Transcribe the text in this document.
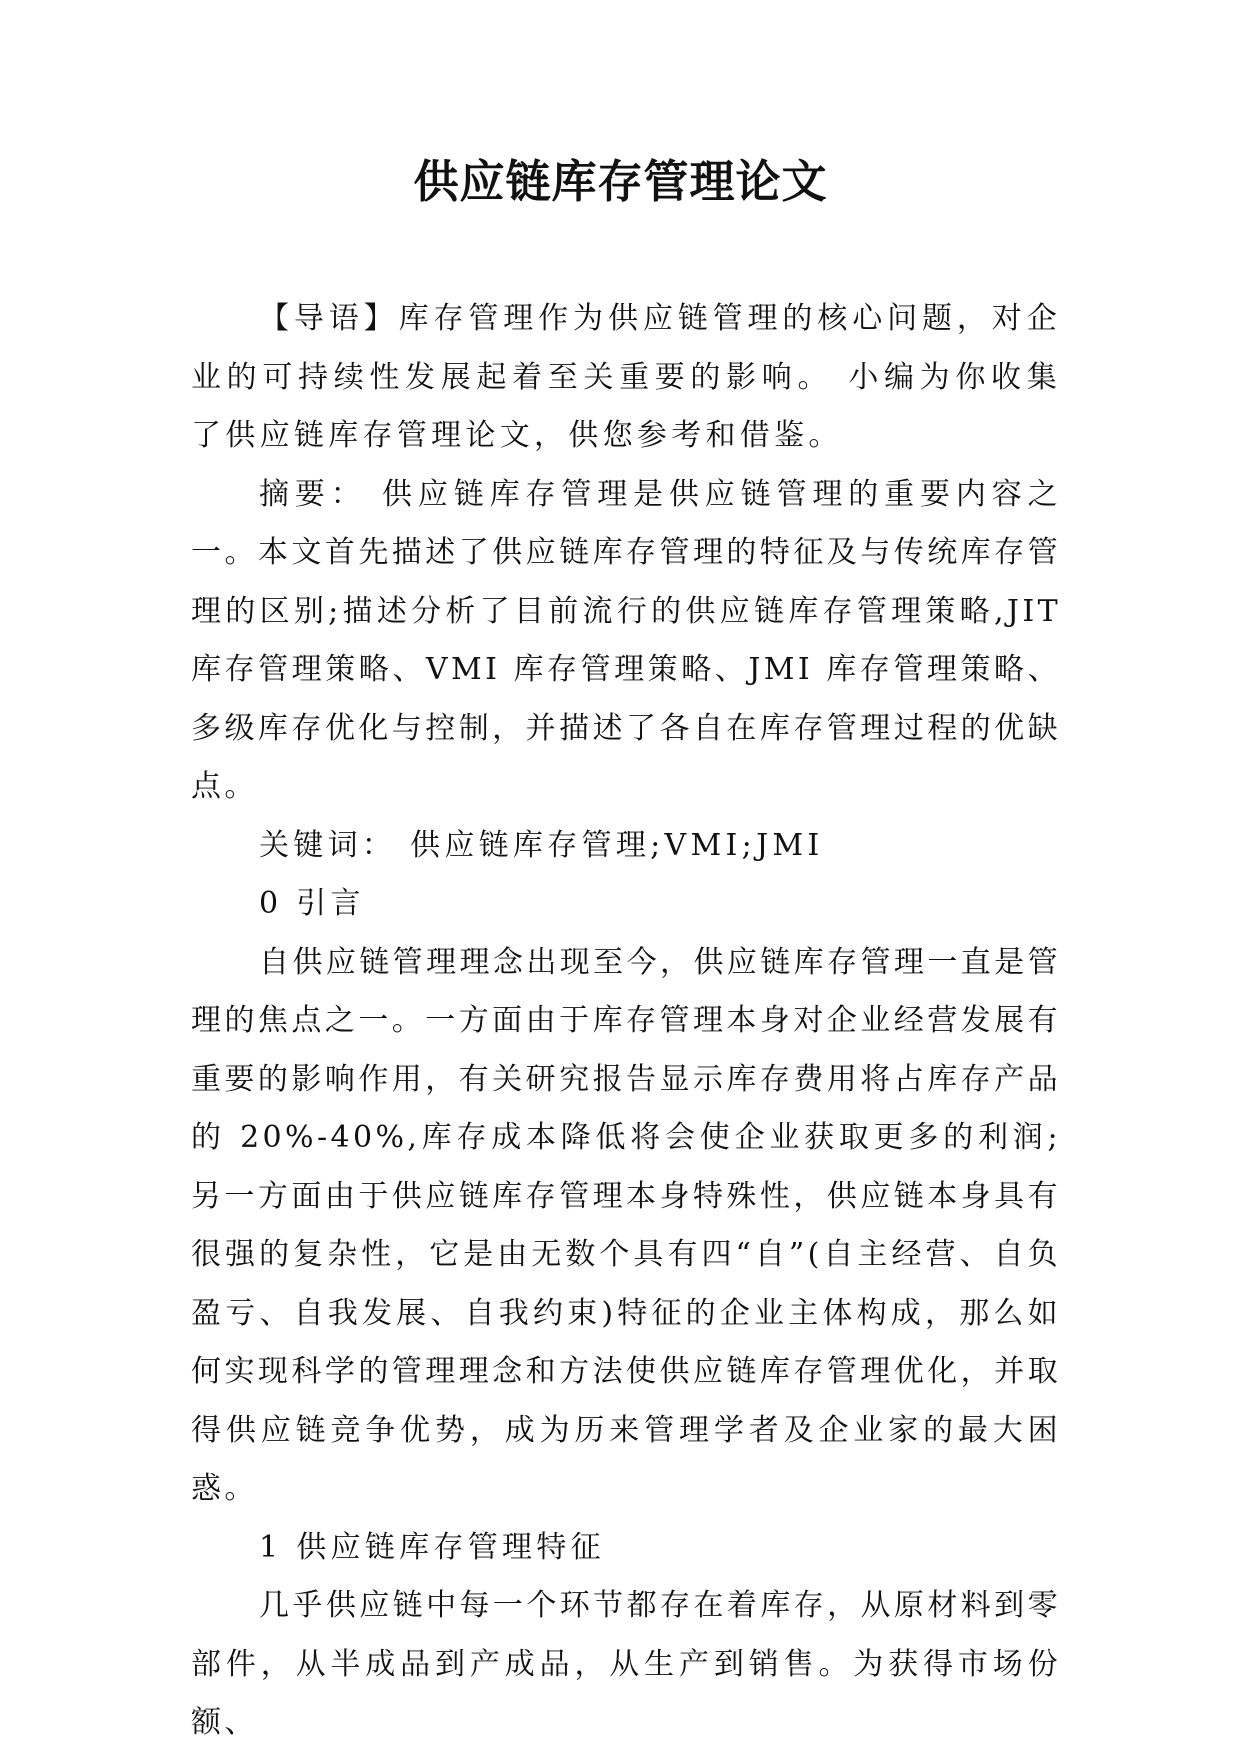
供应链库存管理论文

【导语】库存管理作为供应链管理的核心问题，对企业的可持续性发展起着至关重要的影响。 小编为你收集了供应链库存管理论文，供您参考和借鉴。

摘要： 供应链库存管理是供应链管理的重要内容之一。本文首先描述了供应链库存管理的特征及与传统库存管理的区别;描述分析了目前流行的供应链库存管理策略,JIT 库存管理策略、VMI 库存管理策略、JMI 库存管理策略、多级库存优化与控制，并描述了各自在库存管理过程的优缺点。

关键词： 供应链库存管理;VMI;JMI

0 引言

自供应链管理理念出现至今，供应链库存管理一直是管理的焦点之一。一方面由于库存管理本身对企业经营发展有重要的影响作用，有关研究报告显示库存费用将占库存产品的 20%-40%,库存成本降低将会使企业获取更多的利润;另一方面由于供应链库存管理本身特殊性，供应链本身具有很强的复杂性，它是由无数个具有四“自”(自主经营、自负盈亏、自我发展、自我约束)特征的企业主体构成，那么如何实现科学的管理理念和方法使供应链库存管理优化，并取得供应链竞争优势，成为历来管理学者及企业家的最大困惑。

1 供应链库存管理特征

几乎供应链中每一个环节都存在着库存，从原材料到零部件，从半成品到产成品，从生产到销售。为获得市场份额、
